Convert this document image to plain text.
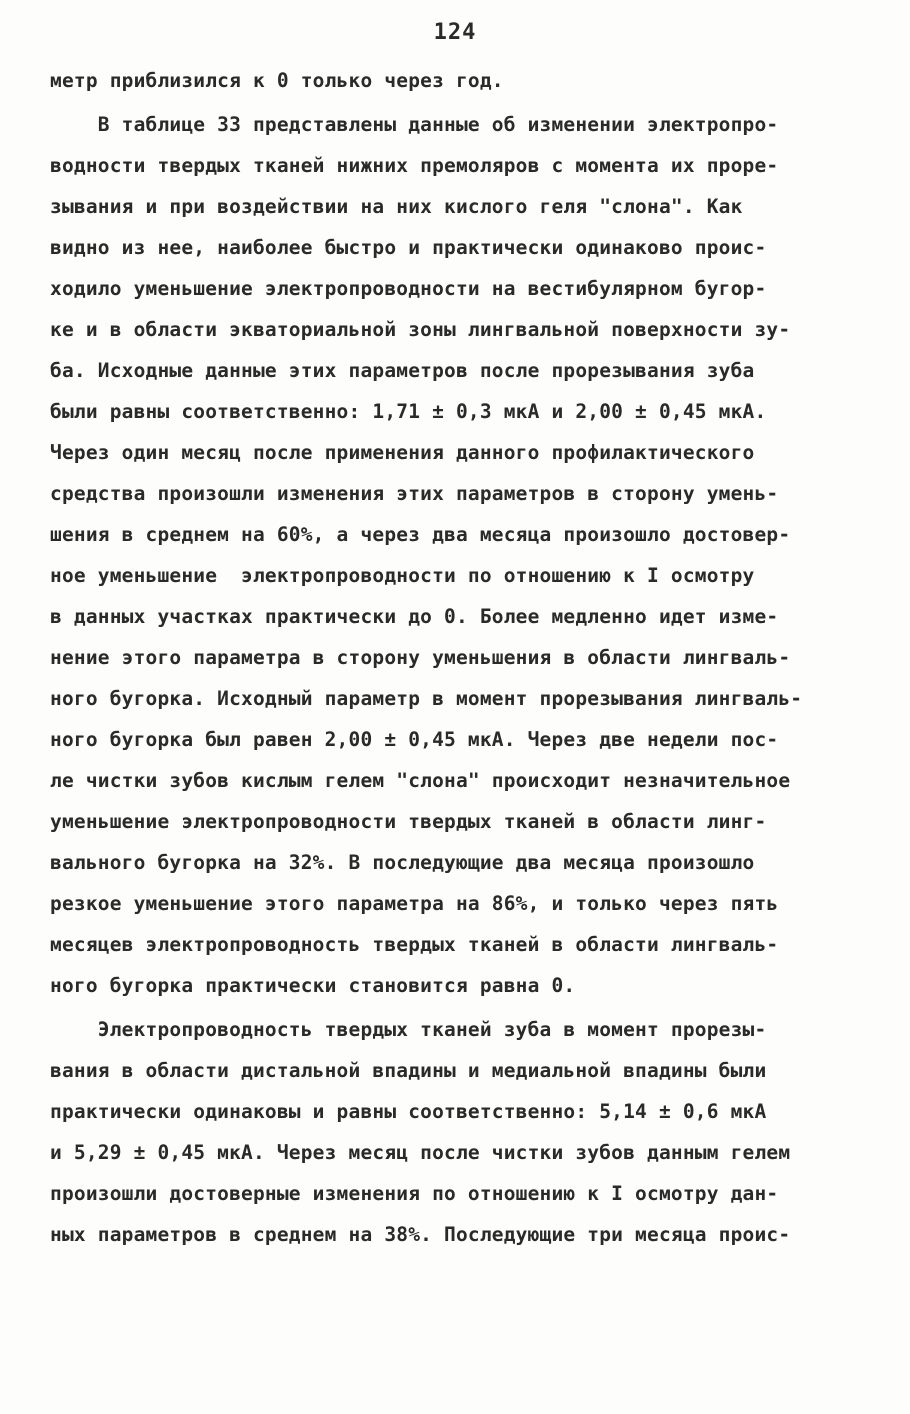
124
метр приблизился к 0 только через год.
В таблице 33 представлены данные об изменении электропро-
водности твердых тканей нижних премоляров с момента их проре-
зывания и при воздействии на них кислого геля "слона". Как
видно из нее, наиболее быстро и практически одинаково проис-
ходило уменьшение электропроводности на вестибулярном бугор-
ке и в области экваториальной зоны лингвальной поверхности зу-
ба. Исходные данные этих параметров после прорезывания зуба
были равны соответственно: 1,71 ± 0,3 мкА и 2,00 ± 0,45 мкА.
Через один месяц после применения данного профилактического
средства произошли изменения этих параметров в сторону умень-
шения в среднем на 60%, а через два месяца произошло достовер-
ное уменьшение  электропроводности по отношению к I осмотру
в данных участках практически до 0. Более медленно идет изме-
нение этого параметра в сторону уменьшения в области лингваль-
ного бугорка. Исходный параметр в момент прорезывания лингваль-
ного бугорка был равен 2,00 ± 0,45 мкА. Через две недели пос-
ле чистки зубов кислым гелем "слона" происходит незначительное
уменьшение электропроводности твердых тканей в области линг-
вального бугорка на 32%. В последующие два месяца произошло
резкое уменьшение этого параметра на 86%, и только через пять
месяцев электропроводность твердых тканей в области лингваль-
ного бугорка практически становится равна 0.
Электропроводность твердых тканей зуба в момент прорезы-
вания в области дистальной впадины и медиальной впадины были
практически одинаковы и равны соответственно: 5,14 ± 0,6 мкА
и 5,29 ± 0,45 мкА. Через месяц после чистки зубов данным гелем
произошли достоверные изменения по отношению к I осмотру дан-
ных параметров в среднем на 38%. Последующие три месяца проис-
